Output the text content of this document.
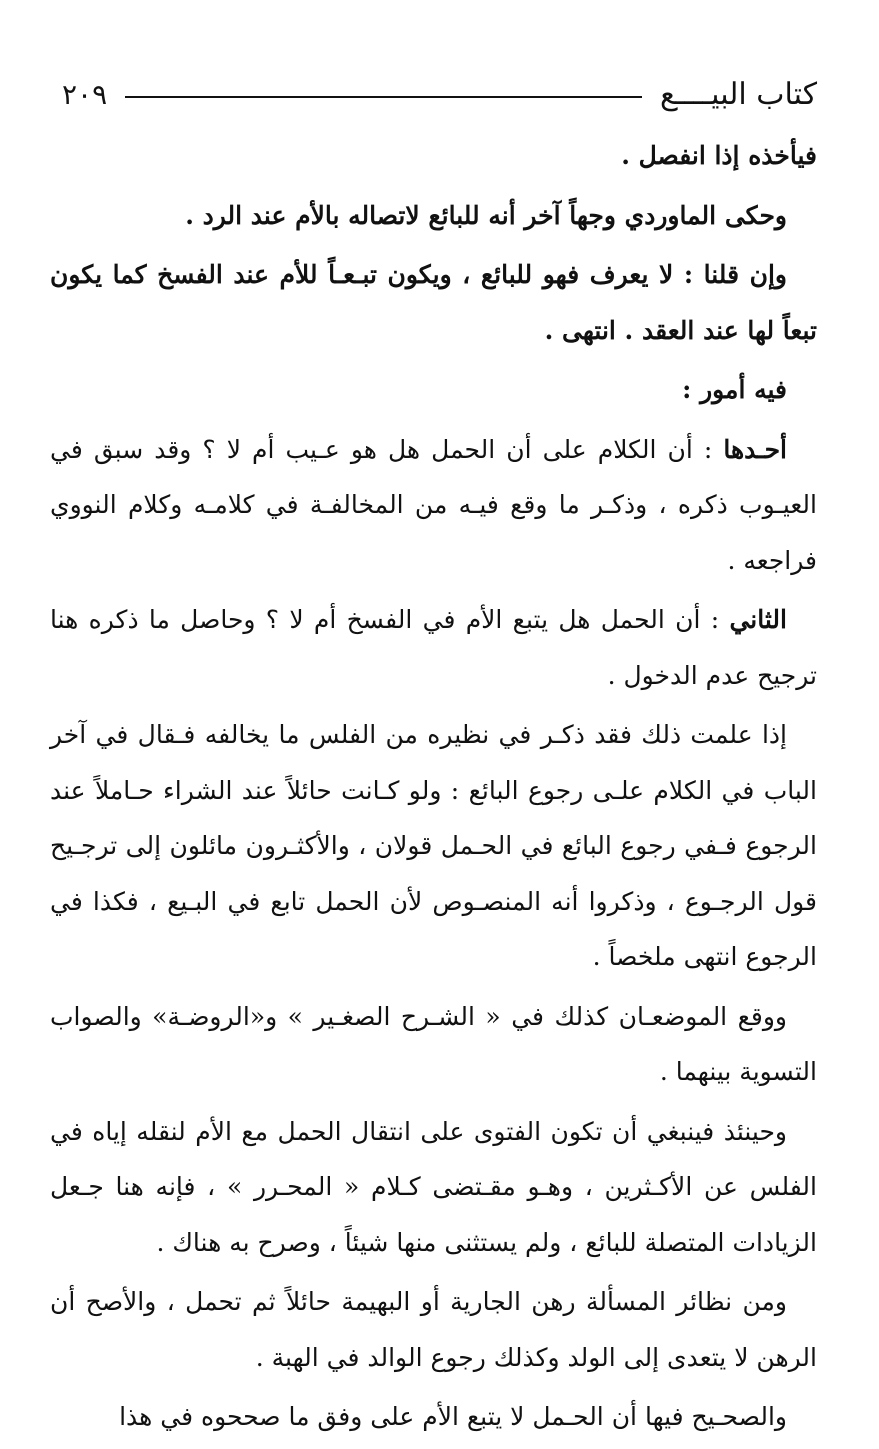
كتاب البيــــع
٢٠٩

فيأخذه إذا انفصل .

وحكى الماوردي وجهاً آخر أنه للبائع لاتصاله بالأم عند الرد .

وإن قلنا : لا يعرف فهو للبائع ، ويكون تبـعـاً للأم عند الفسخ كما يكون تبعاً لها عند العقد . انتهى .

فيه أمور :

أحـدها : أن الكلام على أن الحمل هل هو عـيب أم لا ؟ وقد سبق في العيـوب ذكره ، وذكـر ما وقع فيـه من المخالفـة في كلامـه وكلام النووي فراجعه .

الثاني : أن الحمل هل يتبع الأم في الفسخ أم لا ؟ وحاصل ما ذكره هنا ترجيح عدم الدخول .

إذا علمت ذلك فقد ذكـر في نظيره من الفلس ما يخالفه فـقال في آخر الباب في الكلام علـى رجوع البائع : ولو كـانت حائلاً عند الشراء حـاملاً عند الرجوع فـفي رجوع البائع في الحـمل قولان ، والأكثـرون مائلون إلى ترجـيح قول الرجـوع ، وذكروا أنه المنصـوص لأن الحمل تابع في البـيع ، فكذا في الرجوع انتهى ملخصاً .

ووقع الموضعـان كذلك في « الشـرح الصغـير » و«الروضـة» والصواب التسوية بينهما .

وحينئذ فينبغي أن تكون الفتوى على انتقال الحمل مع الأم لنقله إياه في الفلس عن الأكـثرين ، وهـو مقـتضى كـلام « المحـرر » ، فإنه هنا جـعل الزيادات المتصلة للبائع ، ولم يستثنى منها شيئاً ، وصرح به هناك .

ومن نظائر المسألة رهن الجارية أو البهيمة حائلاً ثم تحمل ، والأصح أن الرهن لا يتعدى إلى الولد وكذلك رجوع الوالد في الهبة .

والصحـيح فيها أن الحـمل لا يتبع الأم على وفق ما صححوه في هذا
